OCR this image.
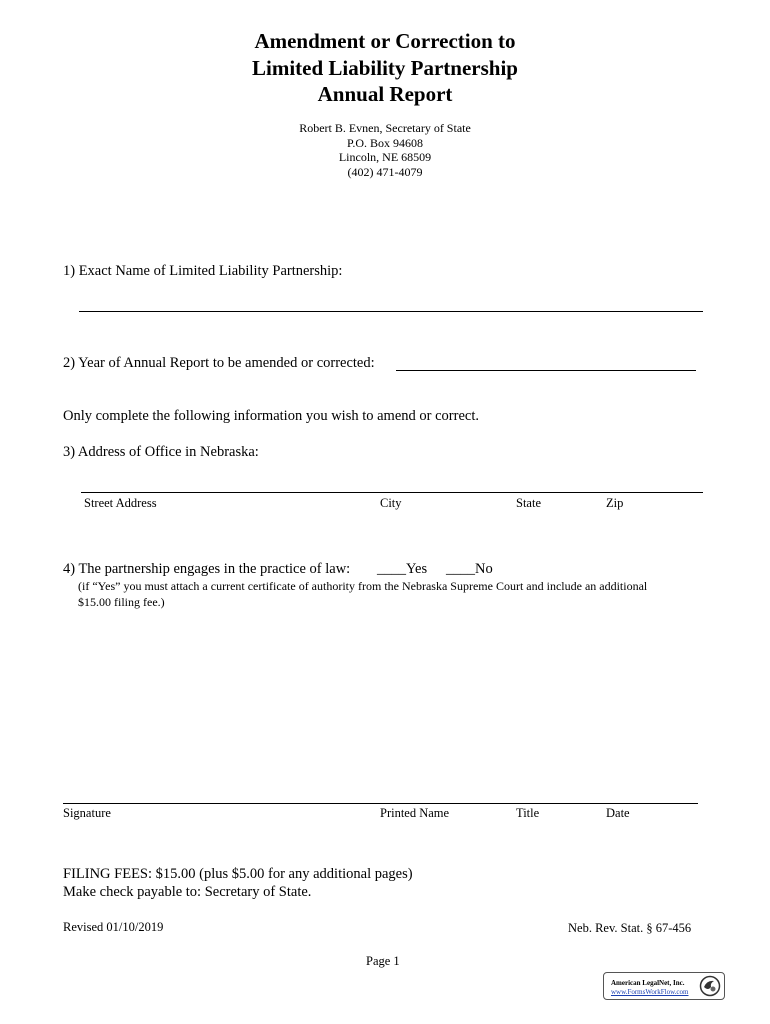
Amendment or Correction to
Limited Liability Partnership
Annual Report
Robert B. Evnen, Secretary of State
P.O. Box 94608
Lincoln, NE 68509
(402) 471-4079
1) Exact Name of Limited Liability Partnership:
2) Year of Annual Report to be amended or corrected:
Only complete the following information you wish to amend or correct.
3) Address of Office in Nebraska:
Street Address	City	State	Zip
4) The partnership engages in the practice of law: ____Yes ____No
(if “Yes” you must attach a current certificate of authority from the Nebraska Supreme Court and include an additional
$15.00 filing fee.)
Signature	Printed Name	Title	Date
FILING FEES: $15.00 (plus $5.00 for any additional pages)
Make check payable to: Secretary of State.
Revised 01/10/2019	Neb. Rev. Stat. § 67-456
Page 1
American LegalNet, Inc.
www.FormsWorkFlow.com
